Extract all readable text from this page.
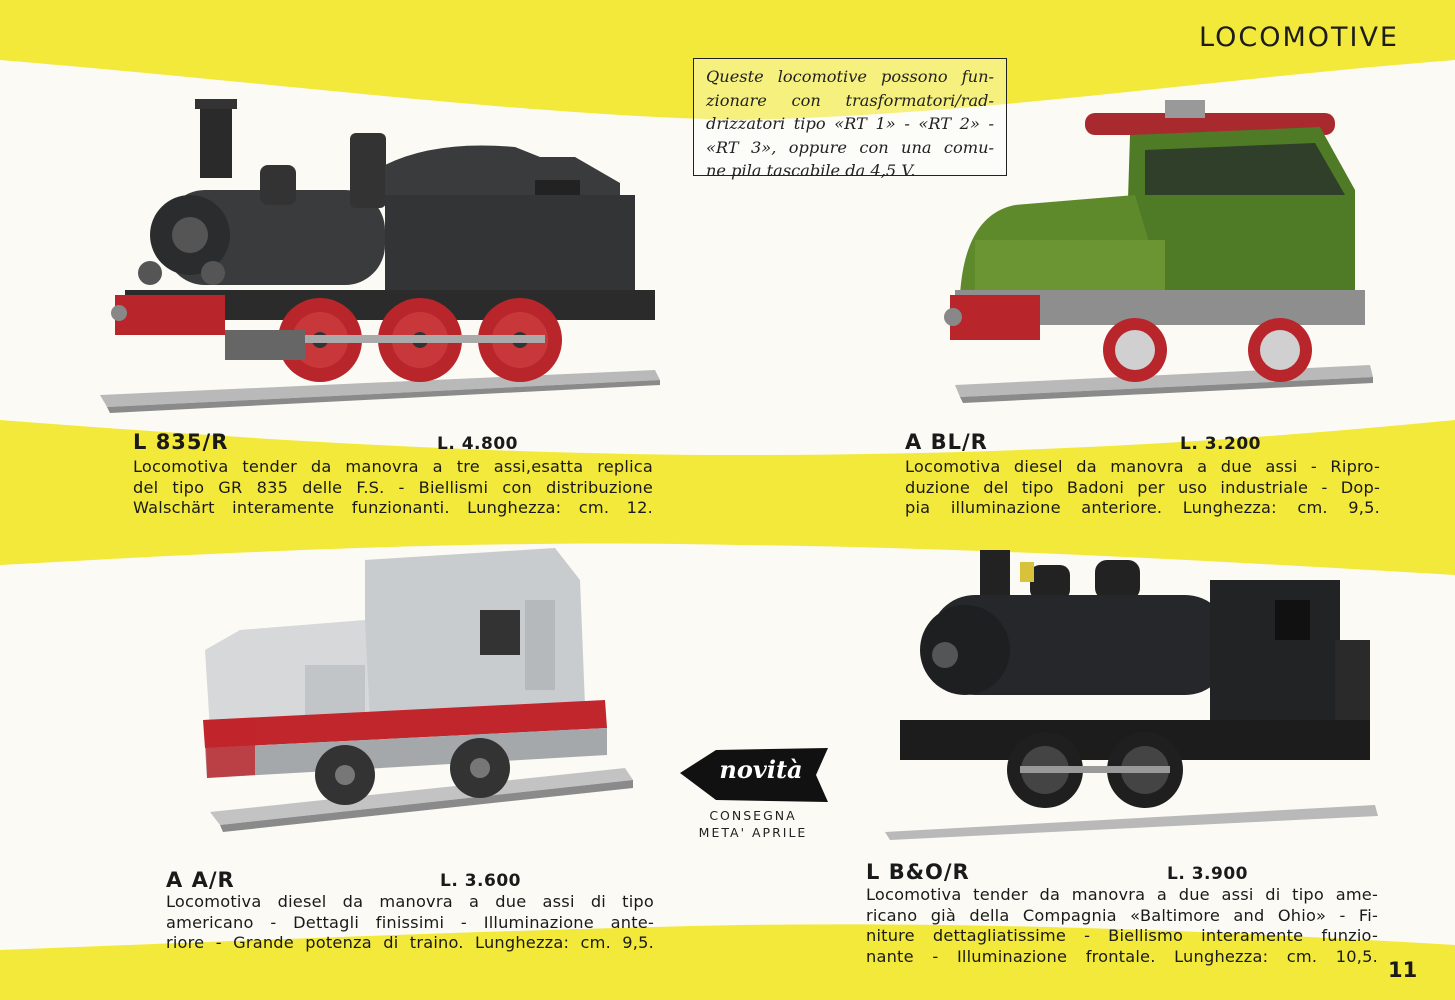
LOCOMOTIVE
Queste locomotive possono fun-
zionare con trasformatori/rad-
drizzatori tipo «RT 1» - «RT 2» -
«RT 3», oppure con una comu-
ne pila tascabile da 4,5 V.
L 835/R	L. 4.800
Locomotiva tender da manovra a tre assi,esatta replica
del tipo GR 835 delle F.S. - Biellismi con distribuzione
Walschärt interamente funzionanti. Lunghezza: cm. 12.
A BL/R	L. 3.200
Locomotiva diesel da manovra a due assi - Ripro-
duzione del tipo Badoni per uso industriale - Dop-
pia illuminazione anteriore. Lunghezza: cm. 9,5.
A A/R	L. 3.600
Locomotiva diesel da manovra a due assi di tipo
americano - Dettagli finissimi - Illuminazione ante-
riore - Grande potenza di traino. Lunghezza: cm. 9,5.
L B&O/R	L. 3.900
Locomotiva tender da manovra a due assi di tipo ame-
ricano già della Compagnia «Baltimore and Ohio» - Fi-
niture dettagliatissime - Biellismo interamente funzio-
nante - Illuminazione frontale. Lunghezza: cm. 10,5.
novità
CONSEGNA
META' APRILE
11
